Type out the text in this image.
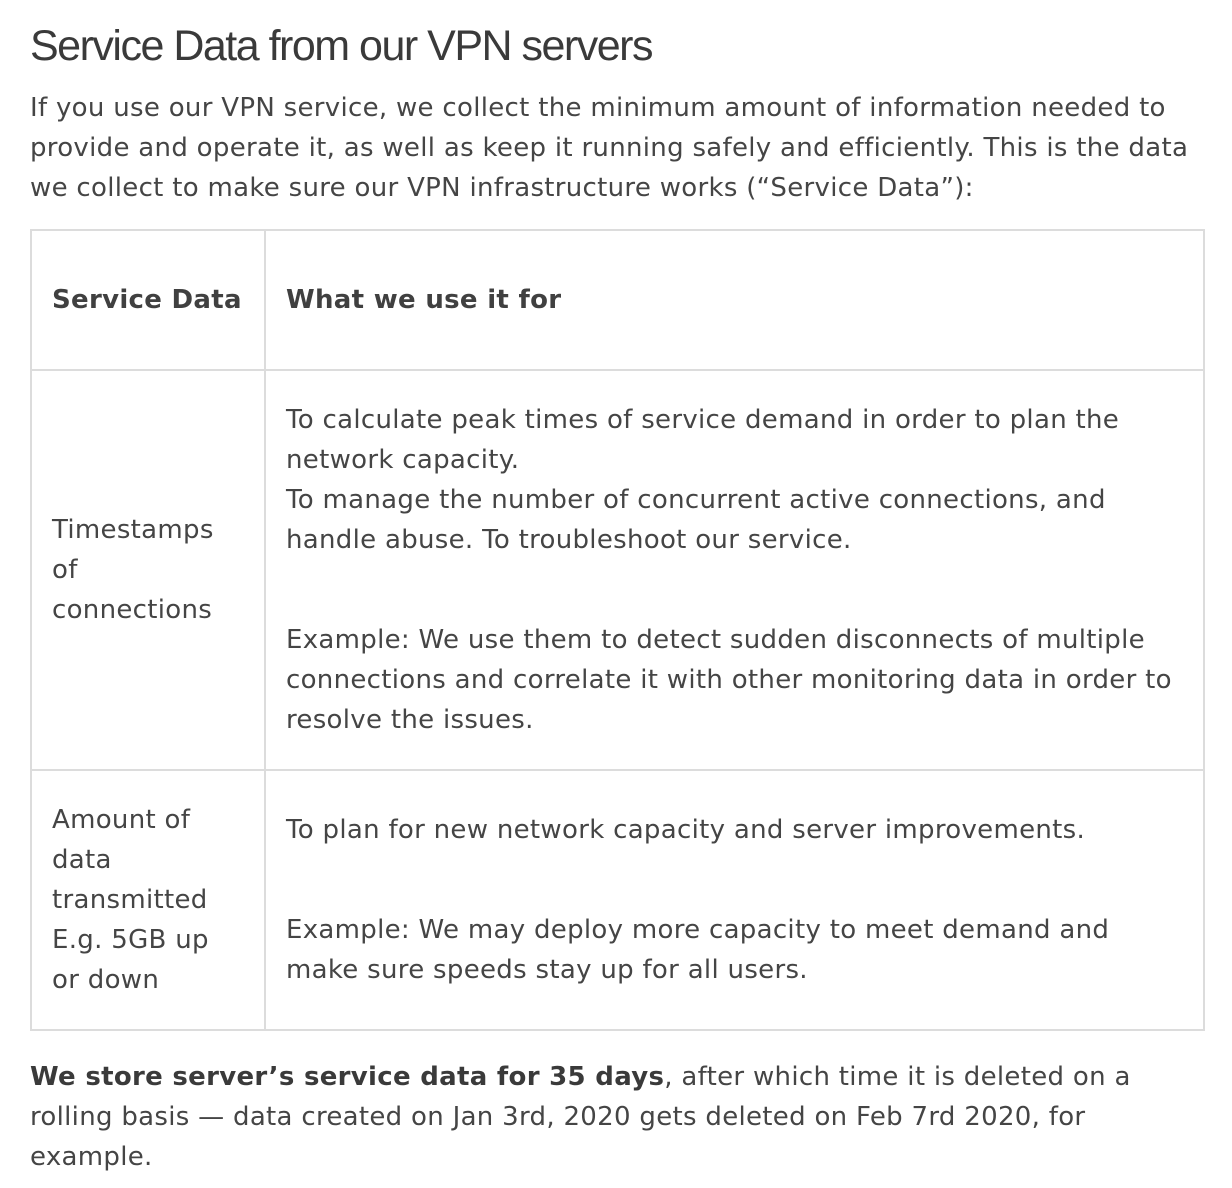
Service Data from our VPN servers

If you use our VPN service, we collect the minimum amount of information needed to provide and operate it, as well as keep it running safely and efficiently. This is the data we collect to make sure our VPN infrastructure works (“Service Data”):

Service Data	What we use it for
Timestamps of connections	To calculate peak times of service demand in order to plan the network capacity.

To manage the number of concurrent active connections, and handle abuse. To troubleshoot our service.

Example: We use them to detect sudden disconnects of multiple connections and correlate it with other monitoring data in order to resolve the issues.

Amount of data transmitted E.g. 5GB up or down	To plan for new network capacity and server improvements.

Example: We may deploy more capacity to meet demand and make sure speeds stay up for all users.

We store server’s service data for 35 days, after which time it is deleted on a rolling basis — data created on Jan 3rd, 2020 gets deleted on Feb 7rd 2020, for example.
